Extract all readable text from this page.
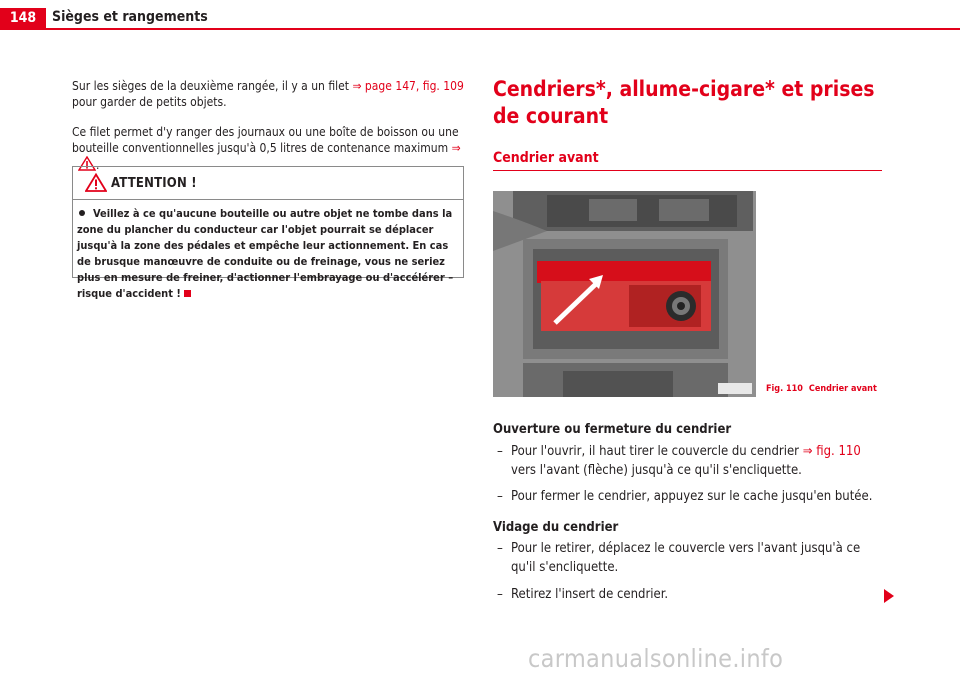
148	Sièges et rangements

Sur les sièges de la deuxième rangée, il y a un filet ⇒ page 147, fig. 109 pour garder de petits objets.

Ce filet permet d'y ranger des journaux ou une boîte de boisson ou une bouteille conventionnelles jusqu'à 0,5 litres de contenance maximum ⇒.

ATTENTION !
Veillez à ce qu'aucune bouteille ou autre objet ne tombe dans la zone du plancher du conducteur car l'objet pourrait se déplacer jusqu'à la zone des pédales et empêche leur actionnement. En cas de brusque manœuvre de conduite ou de freinage, vous ne seriez plus en mesure de freiner, d'actionner l'embrayage ou d'accélérer – risque d'accident !
Cendriers*, allume-cigare* et prises de courant
Cendrier avant
Fig. 110 Cendrier avant
Ouverture ou fermeture du cendrier
– Pour l'ouvrir, il haut tirer le couvercle du cendrier ⇒ fig. 110 vers l'avant (flèche) jusqu'à ce qu'il s'encliquette.
– Pour fermer le cendrier, appuyez sur le cache jusqu'en butée.
Vidage du cendrier
– Pour le retirer, déplacez le couvercle vers l'avant jusqu'à ce qu'il s'encliquette.
– Retirez l'insert de cendrier.
carmanualsonline.info
